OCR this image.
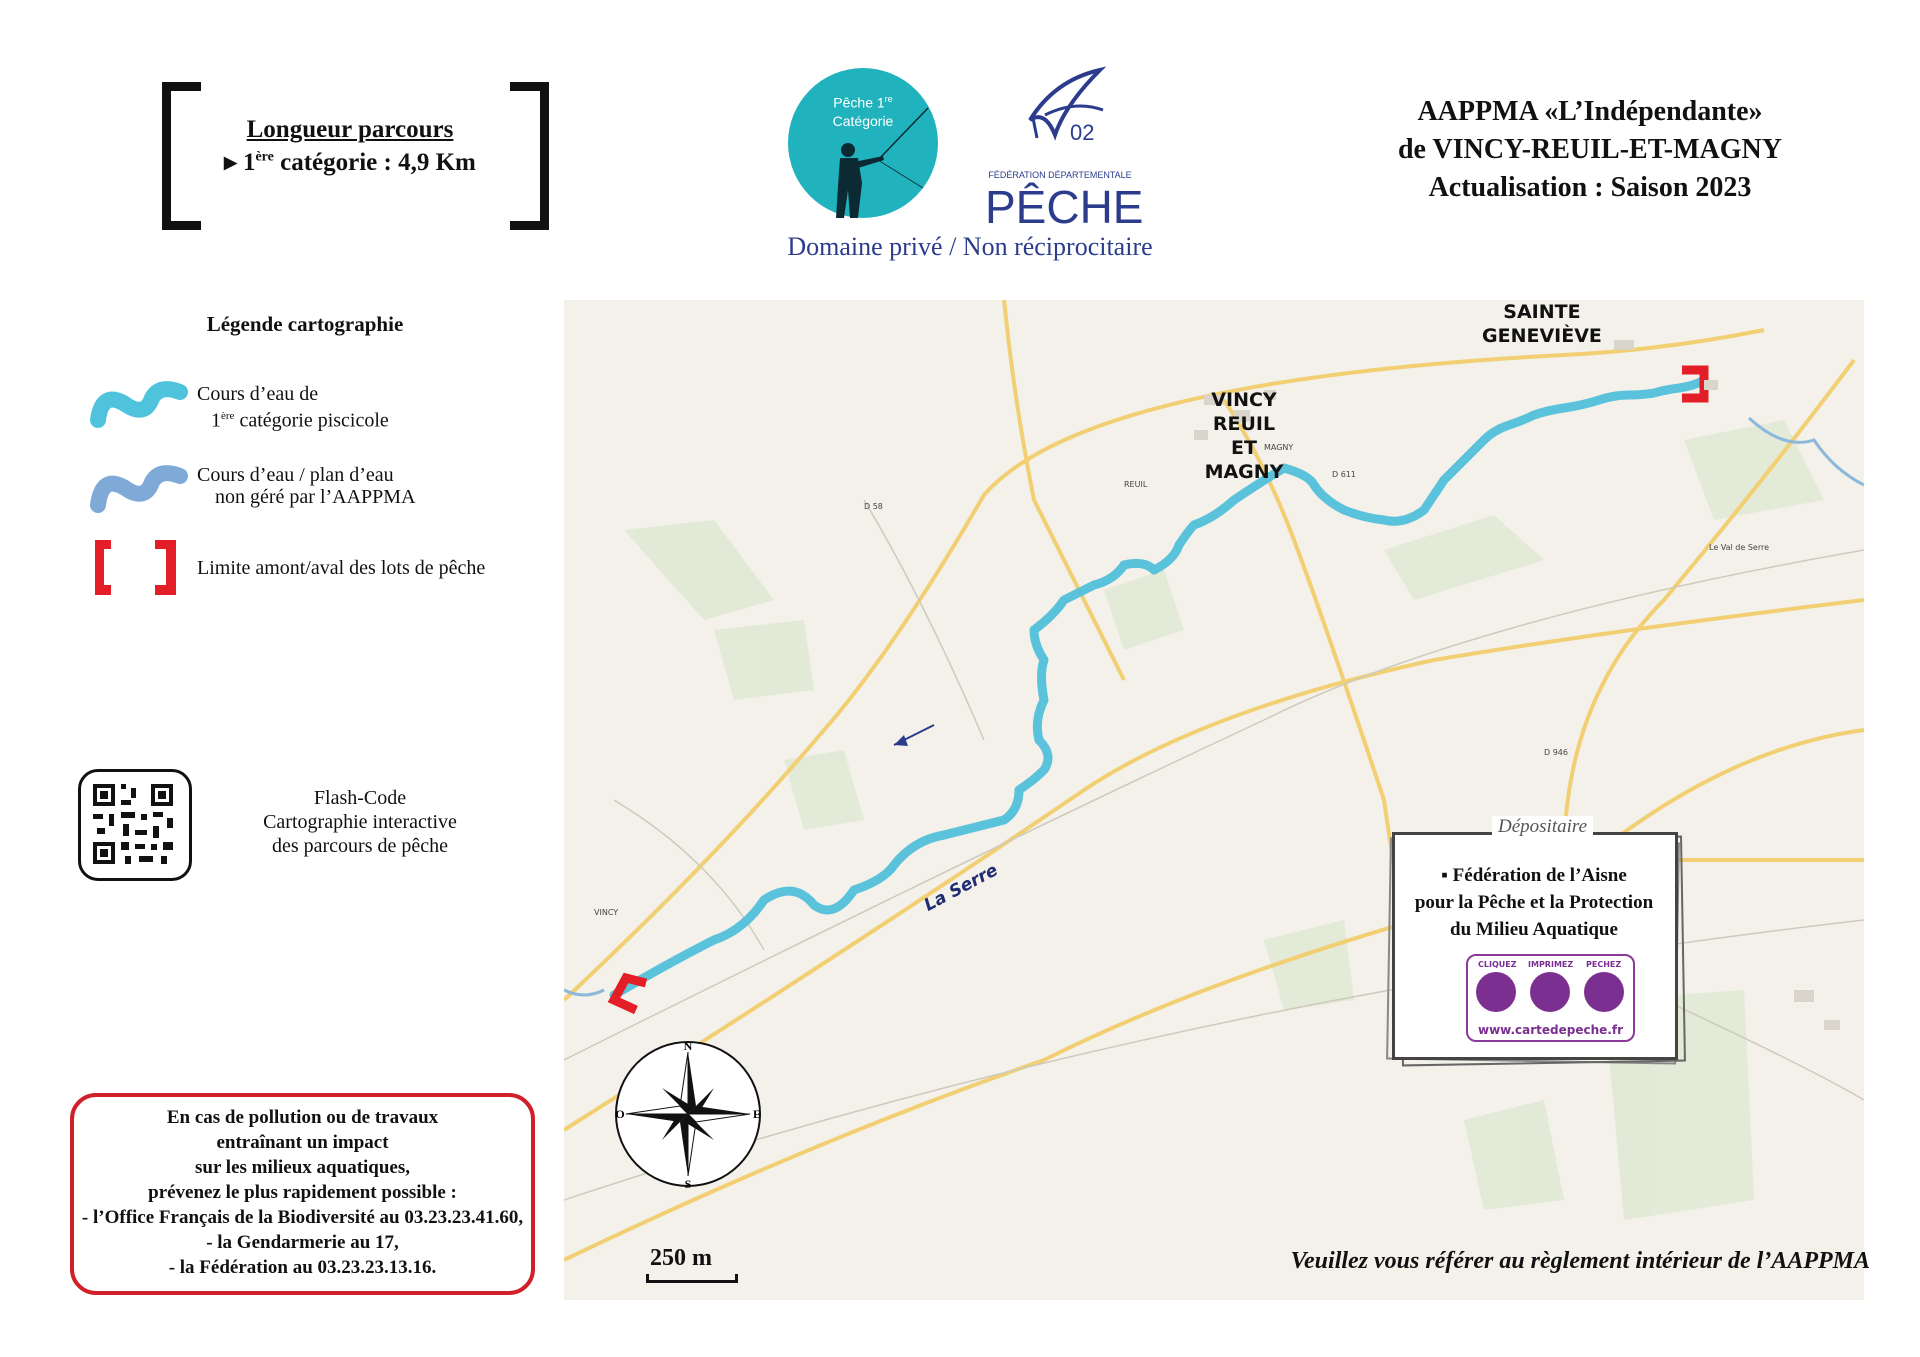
Longueur parcours
▸ 1ère catégorie : 4,9 Km
Pêche 1re
Catégorie	02
FÉDÉRATION DÉPARTEMENTALE
PÊCHE
Domaine privé / Non réciprocitaire
AAPPMA «L’Indépendante»
de VINCY-REUIL-ET-MAGNY
Actualisation : Saison 2023
Légende cartographie
Cours d’eau de
1ère catégorie piscicole
Cours d’eau / plan d’eau
non géré par l’AAPPMA
Limite amont/aval des lots de pêche
Flash-Code
Cartographie interactive
des parcours de pêche
En cas de pollution ou de travaux
entraînant un impact
sur les milieux aquatiques,
prévenez le plus rapidement possible :
- l’Office Français de la Biodiversité au 03.23.23.41.60,
- la Gendarmerie au 17,
- la Fédération au 03.23.23.13.16.
SAINTE
GENEVIÈVE
VINCY
REUIL
ET
MAGNY
REUIL
VINCY
MAGNY
Le Val de Serre
D 58
D 611
D 946
La Serre
N
S
E
O
250 m
Dépositaire
▪ Fédération de l’Aisne
pour la Pêche et la Protection
du Milieu Aquatique
CLIQUEZ IMPRIMEZ PECHEZ
www.cartedepeche.fr
Veuillez vous référer au règlement intérieur de l’AAPPMA
